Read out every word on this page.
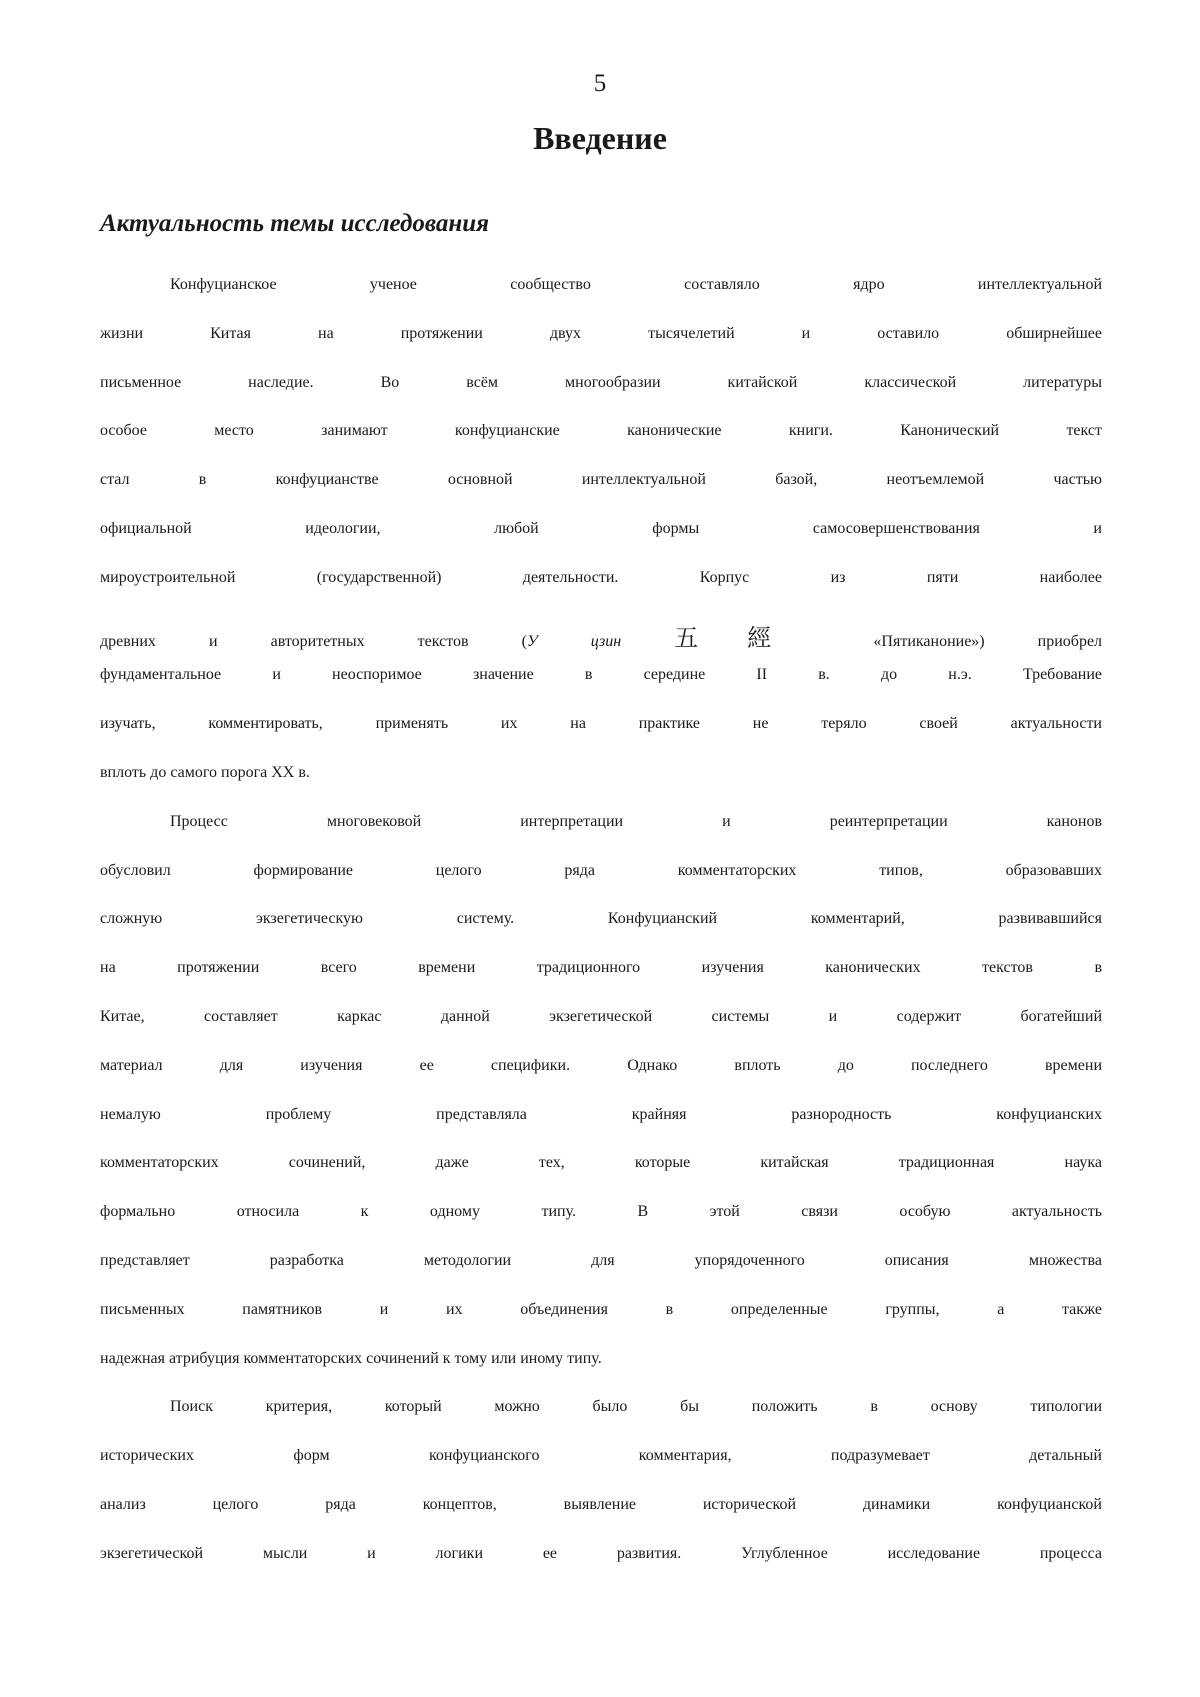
5
Введение
Актуальность темы исследования
Конфуцианское ученое сообщество составляло ядро интеллектуальной
жизни Китая на протяжении двух тысячелетий и оставило обширнейшее
письменное наследие. Во всём многообразии китайской классической литературы
особое место занимают конфуцианские канонические книги. Канонический текст
стал в конфуцианстве основной интеллектуальной базой, неотъемлемой частью
официальной идеологии, любой формы самосовершенствования и
мироустроительной (государственной) деятельности. Корпус из пяти наиболее
древних и авторитетных текстов (У цзин 五經	«Пятиканоние») приобрел
фундаментальное и неоспоримое значение в середине II в. до н.э. Требование
изучать, комментировать, применять их на практике не теряло своей актуальности
вплоть до самого порога XX в.
Процесс многовековой интерпретации и реинтерпретации канонов
обусловил формирование целого ряда комментаторских типов, образовавших
сложную экзегетическую систему. Конфуцианский комментарий, развивавшийся
на протяжении всего времени традиционного изучения канонических текстов в
Китае, составляет каркас данной экзегетической системы и содержит богатейший
материал для изучения ее специфики. Однако вплоть до последнего времени
немалую проблему представляла крайняя разнородность конфуцианских
комментаторских сочинений, даже тех, которые китайская традиционная наука
формально относила к одному типу. В этой связи особую актуальность
представляет разработка методологии для упорядоченного описания множества
письменных памятников и их объединения в определенные группы, а также
надежная атрибуция комментаторских сочинений к тому или иному типу.
Поиск критерия, который можно было бы положить в основу типологии
исторических форм конфуцианского комментария, подразумевает детальный
анализ целого ряда концептов, выявление исторической динамики конфуцианской
экзегетической мысли и логики ее развития. Углубленное исследование процесса
